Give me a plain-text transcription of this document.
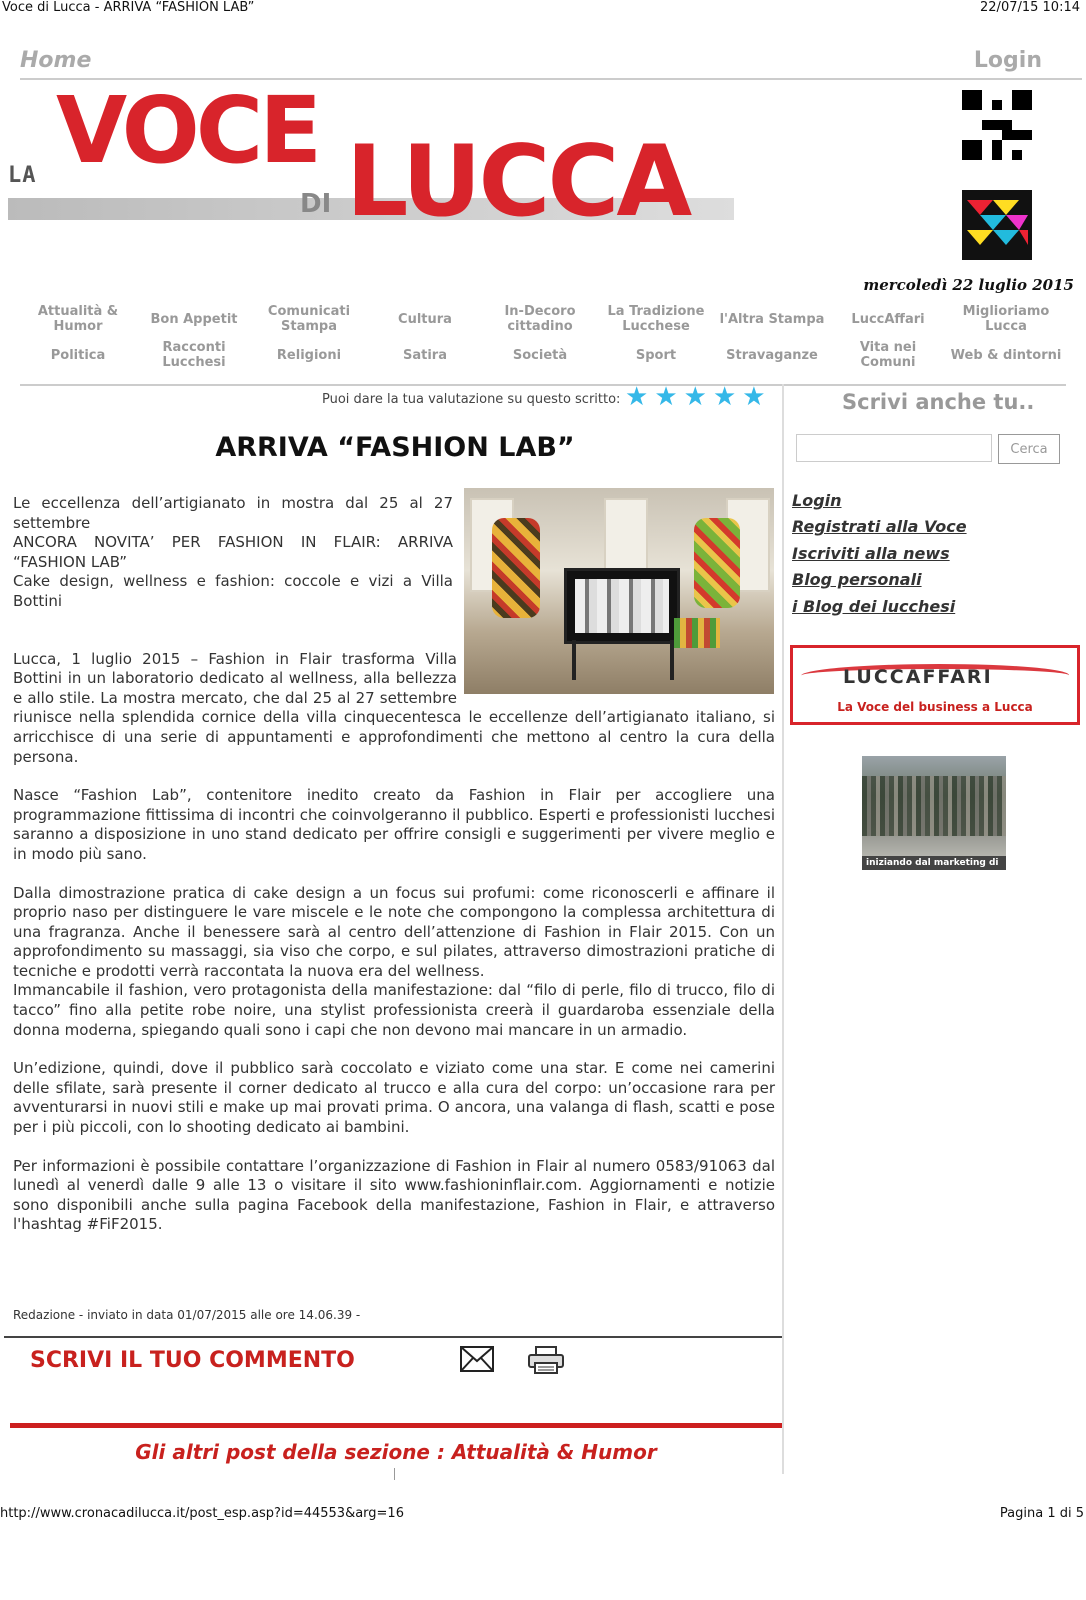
Voce di Lucca - ARRIVA “FASHION LAB”	22/07/15 10:14
Home	Login
LA VOCE
DI LUCCA
mercoledì 22 luglio 2015
Attualità & Humor	Bon Appetit
Comunicati Stampa	Cultura
In-Decoro cittadino
La Tradizione Lucchese	l'Altra Stampa	LuccAffari
Miglioriamo Lucca
Politica
Racconti Lucchesi	Religioni	Satira	Società	Sport	Stravaganze
Vita nei Comuni	Web & dintorni
Puoi dare la tua valutazione su questo scritto: ★ ★ ★ ★ ★
ARRIVA “FASHION LAB”
Le eccellenza dell’artigianato in mostra dal 25 al 27 settembre
ANCORA NOVITA’ PER FASHION IN FLAIR: ARRIVA “FASHION LAB”
Cake design, wellness e fashion: coccole e vizi a Villa Bottini

Lucca, 1 luglio 2015 – Fashion in Flair trasforma Villa Bottini in un laboratorio dedicato al wellness, alla bellezza e allo stile. La mostra mercato, che dal 25 al 27 settembre riunisce nella splendida cornice della villa cinquecentesca le eccellenze dell’artigianato italiano, si arricchisce di una serie di appuntamenti e approfondimenti che mettono al centro la cura della persona.

Nasce “Fashion Lab”, contenitore inedito creato da Fashion in Flair per accogliere una programmazione fittissima di incontri che coinvolgeranno il pubblico. Esperti e professionisti lucchesi saranno a disposizione in uno stand dedicato per offrire consigli e suggerimenti per vivere meglio e in modo più sano.

Dalla dimostrazione pratica di cake design a un focus sui profumi: come riconoscerli e affinare il proprio naso per distinguere le vare miscele e le note che compongono la complessa architettura di una fragranza. Anche il benessere sarà al centro dell’attenzione di Fashion in Flair 2015. Con un approfondimento su massaggi, sia viso che corpo, e sul pilates, attraverso dimostrazioni pratiche di tecniche e prodotti verrà raccontata la nuova era del wellness.

Immancabile il fashion, vero protagonista della manifestazione: dal “filo di perle, filo di trucco, filo di tacco” fino alla petite robe noire, una stylist professionista creerà il guardaroba essenziale della donna moderna, spiegando quali sono i capi che non devono mai mancare in un armadio.

Un’edizione, quindi, dove il pubblico sarà coccolato e viziato come una star. E come nei camerini delle sfilate, sarà presente il corner dedicato al trucco e alla cura del corpo: un’occasione rara per avventurarsi in nuovi stili e make up mai provati prima. O ancora, una valanga di flash, scatti e pose per i più piccoli, con lo shooting dedicato ai bambini.

Per informazioni è possibile contattare l’organizzazione di Fashion in Flair al numero 0583/91063 dal lunedì al venerdì dalle 9 alle 13 o visitare il sito www.fashioninflair.com. Aggiornamenti e notizie sono disponibili anche sulla pagina Facebook della manifestazione, Fashion in Flair, e attraverso l'hashtag #FiF2015.

Redazione - inviato in data 01/07/2015 alle ore 14.06.39 -
SCRIVI IL TUO COMMENTO
Gli altri post della sezione : Attualità & Humor
Scrivi anche tu..
Cerca
Login
Registrati alla Voce
Iscriviti alla news
Blog personali
i Blog dei lucchesi
LUCCAFFARI
La Voce del business a Lucca
iniziando dal marketing di base
http://www.cronacadilucca.it/post_esp.asp?id=44553&arg=16	Pagina 1 di 5
